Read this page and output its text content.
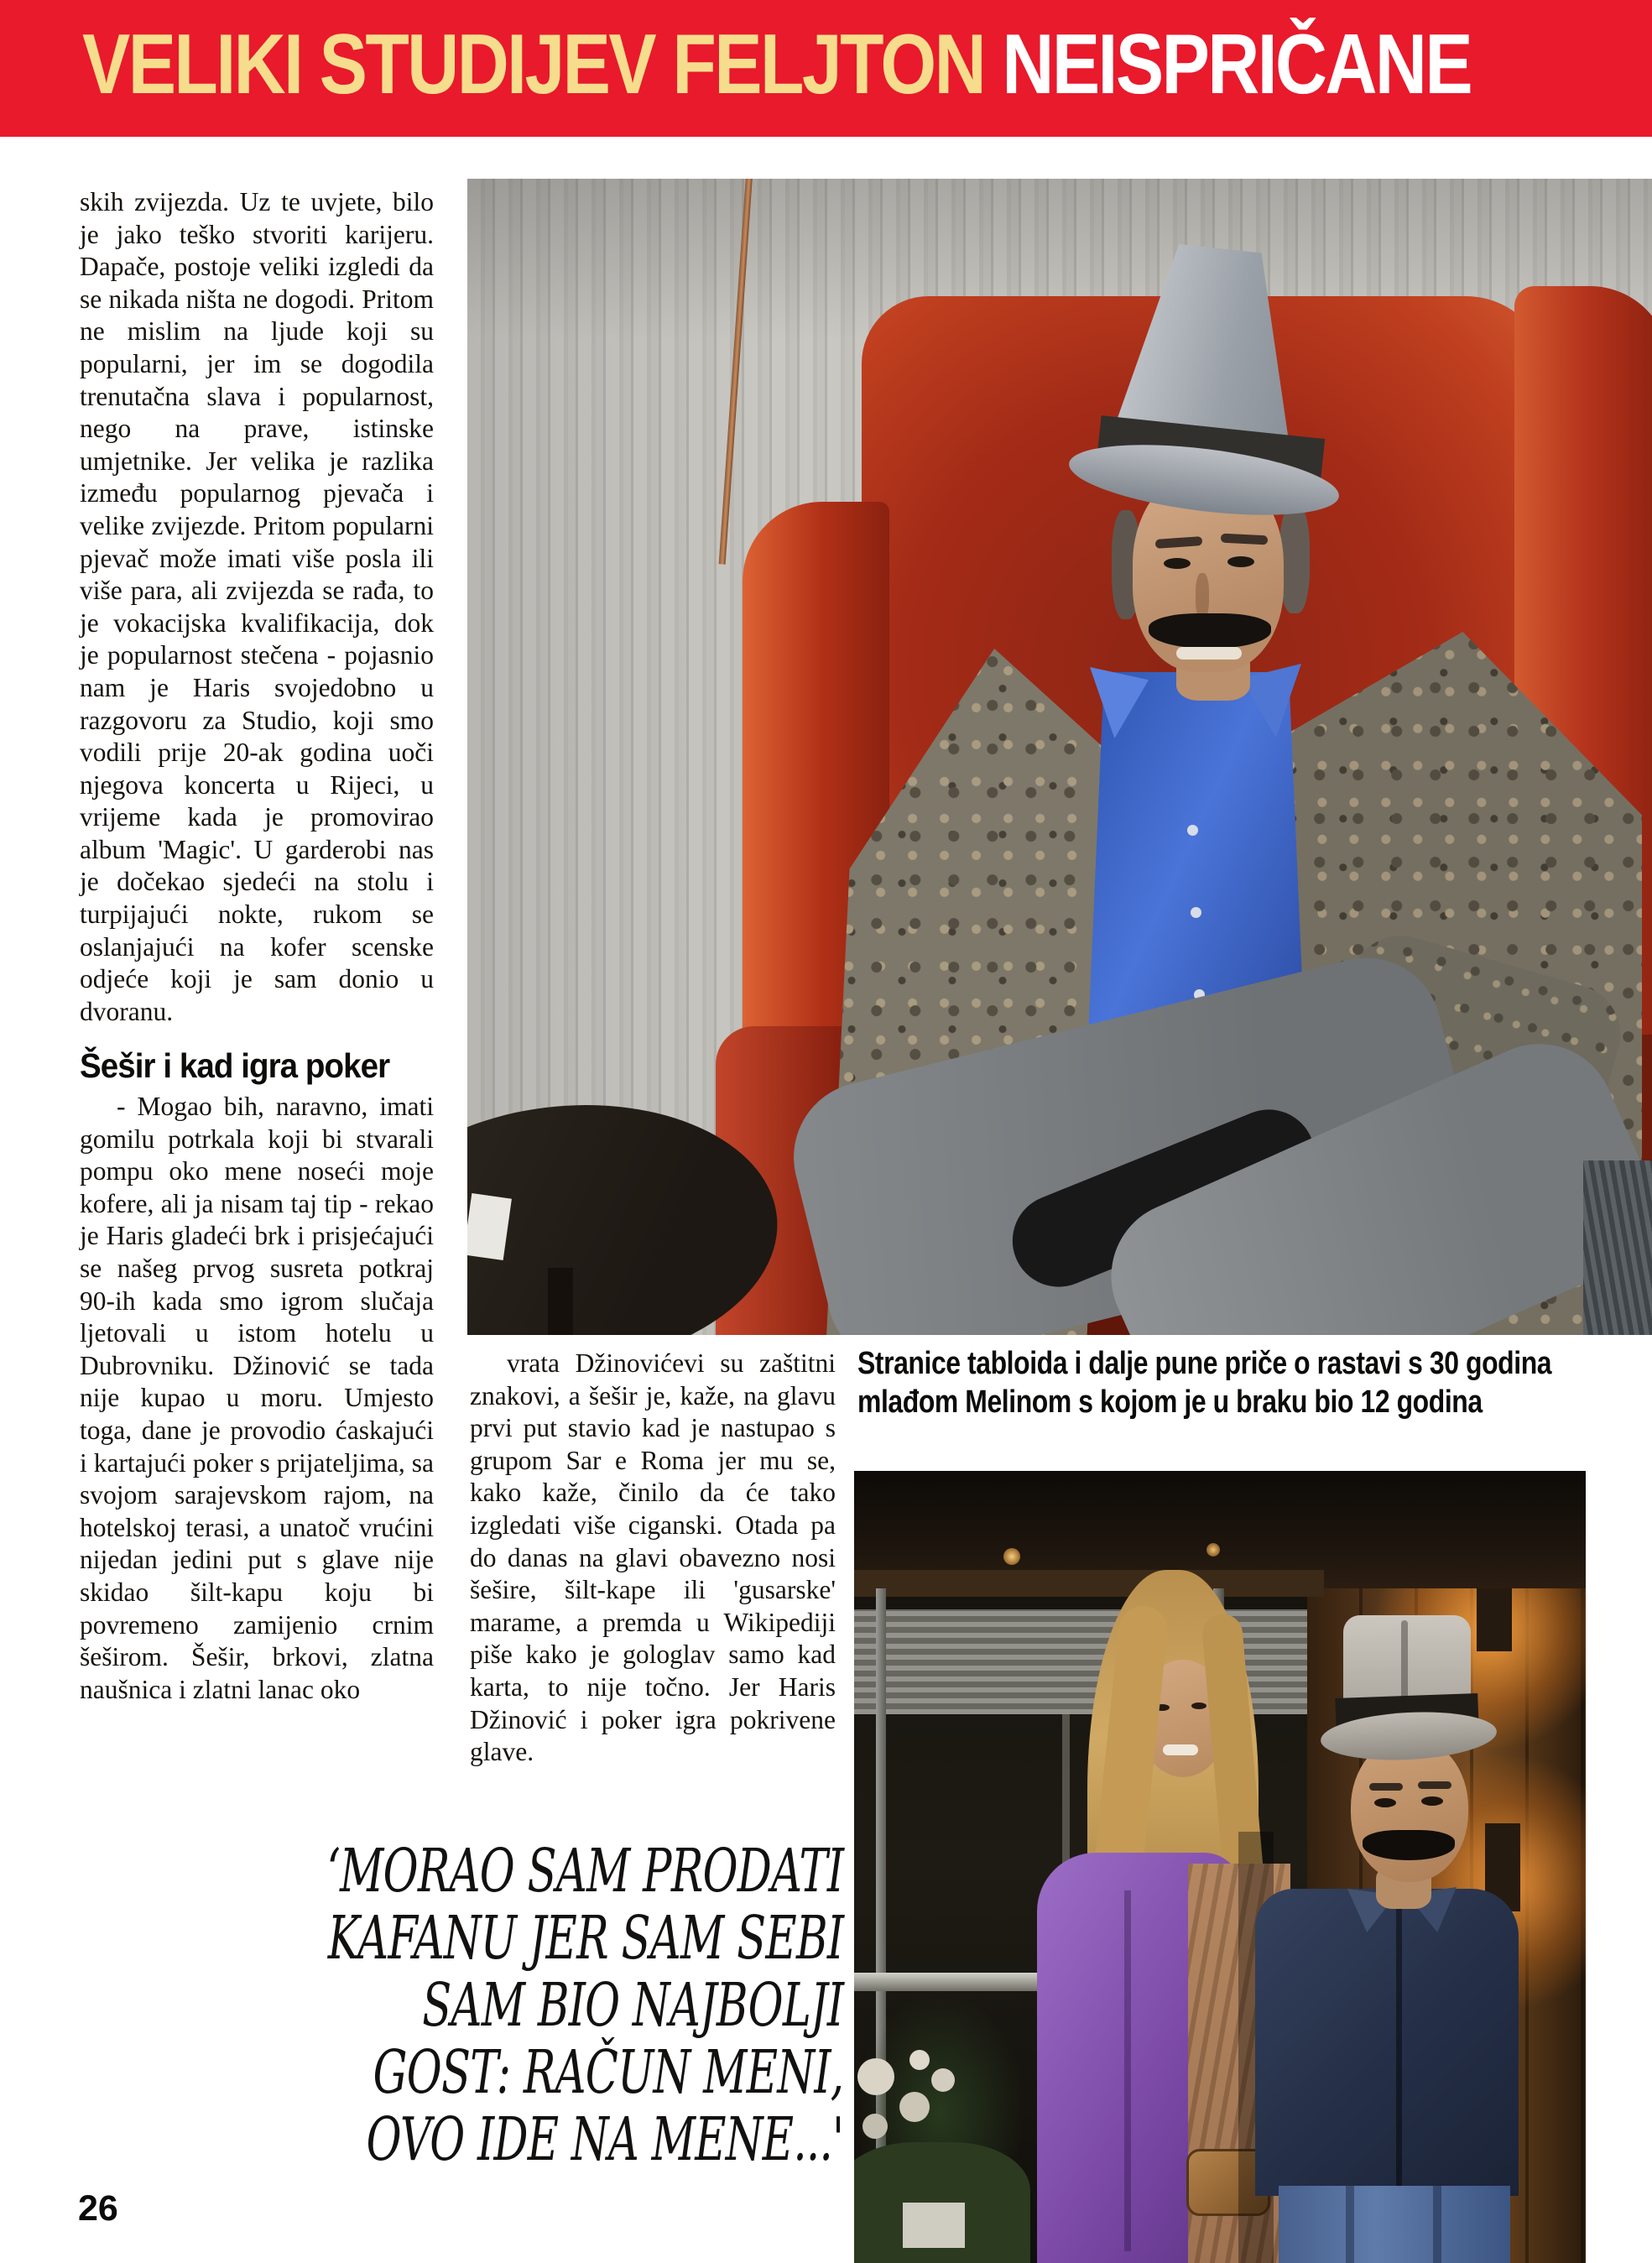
VELIKI STUDIJEV FELJTON NEISPRIČANE

skih zvijezda. Uz te uvjete, bilo je jako teško stvoriti karijeru. Dapače, postoje veliki izgledi da se nikada ništa ne dogodi. Pritom ne mislim na ljude koji su popularni, jer im se dogodila trenutačna slava i popularnost, nego na prave, istinske umjetnike. Jer velika je razlika između popularnog pjevača i velike zvijezde. Pritom popularni pjevač može imati više posla ili više para, ali zvijezda se rađa, to je vokacijska kvalifikacija, dok je popularnost stečena - pojasnio nam je Haris svojedobno u razgovoru za Studio, koji smo vodili prije 20-ak godina uoči njegova koncerta u Rijeci, u vrijeme kada je promovirao album 'Magic'. U garderobi nas je dočekao sjedeći na stolu i turpijajući nokte, rukom se oslanjajući na kofer scenske odjeće koji je sam donio u dvoranu.

Šešir i kad igra poker

- Mogao bih, naravno, imati gomilu potrkala koji bi stvarali pompu oko mene noseći moje kofere, ali ja nisam taj tip - rekao je Haris gladeći brk i prisjećajući se našeg prvog susreta potkraj 90-ih kada smo igrom slučaja ljetovali u istom hotelu u Dubrovniku. Džinović se tada nije kupao u moru. Umjesto toga, dane je provodio ćaskajući i kartajući poker s prijateljima, sa svojom sarajevskom rajom, na hotelskoj terasi, a unatoč vrućini nijedan jedini put s glave nije skidao šilt-kapu koju bi povremeno zamijenio crnim šeširom. Šešir, brkovi, zlatna naušnica i zlatni lanac oko

vrata Džinovićevi su zaštitni znakovi, a šešir je, kaže, na glavu prvi put stavio kad je nastupao s grupom Sar e Roma jer mu se, kako kaže, činilo da će tako izgledati više ciganski. Otada pa do danas na glavi obavezno nosi šešire, šilt-kape ili 'gusarske' marame, a premda u Wikipediji piše kako je gologlav samo kad karta, to nije točno. Jer Haris Džinović i poker igra pokrivene glave.

Stranice tabloida i dalje pune priče o rastavi s 30 godina
mlađom Melinom s kojom je u braku bio 12 godina
‘MORAO SAM PRODATI
KAFANU JER SAM SEBI
SAM BIO NAJBOLJI
GOST: RAČUN MENI,
OVO IDE NA MENE...'
26
